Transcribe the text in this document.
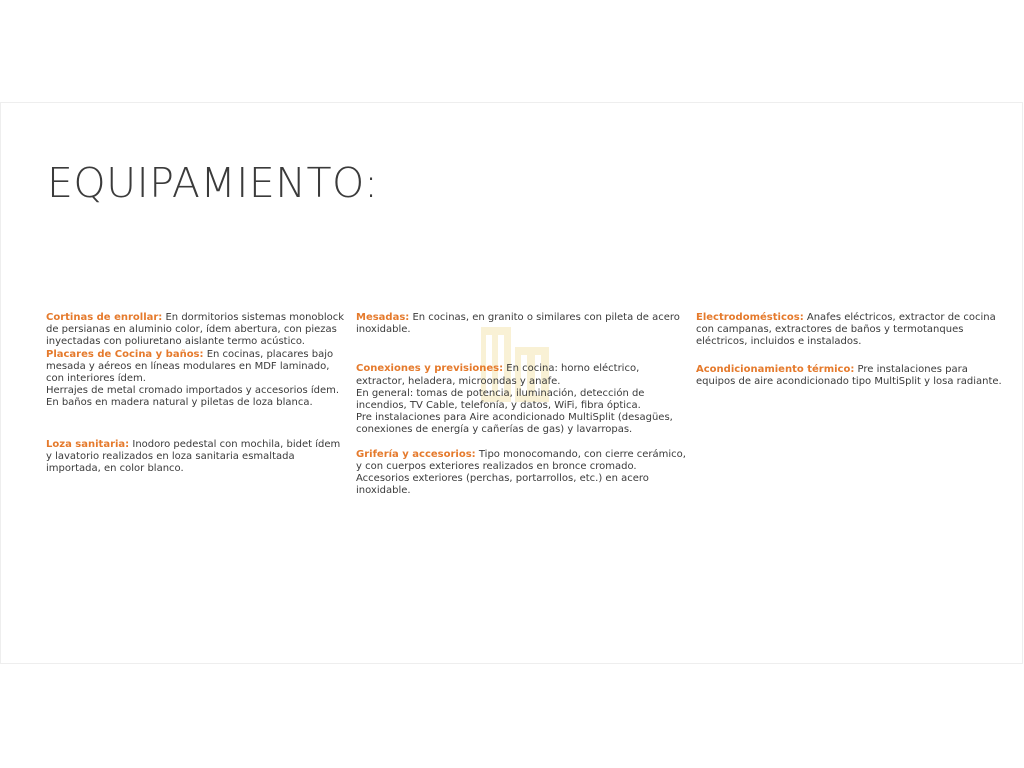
EQUIPAMIENTO:

Cortinas de enrollar: En dormitorios sistemas monoblock de persianas en aluminio color, ídem abertura, con piezas inyectadas con poliuretano aislante termo acústico.

Placares de Cocina y baños: En cocinas, placares bajo mesada y aéreos en líneas modulares en MDF laminado, con interiores ídem.
Herrajes de metal cromado importados y accesorios ídem.
En baños en madera natural y piletas de loza blanca.

Loza sanitaria: Inodoro pedestal con mochila, bidet ídem y lavatorio realizados en loza sanitaria esmaltada importada, en color blanco.

Mesadas: En cocinas, en granito o similares con pileta de acero inoxidable.

Conexiones y previsiones: En cocina: horno eléctrico, extractor, heladera, microondas y anafe.
En general: tomas de potencia, iluminación, detección de incendios, TV Cable, telefonía, y datos, WiFi, fibra óptica.
Pre instalaciones para Aire acondicionado MultiSplit (desagües, conexiones de energía y cañerías de gas) y lavarropas.

Grifería y accesorios: Tipo monocomando, con cierre cerámico, y con cuerpos exteriores realizados en bronce cromado.
Accesorios exteriores (perchas, portarrollos, etc.) en acero inoxidable.

Electrodomésticos: Anafes eléctricos, extractor de cocina con campanas, extractores de baños y termotanques eléctricos, incluidos e instalados.

Acondicionamiento térmico: Pre instalaciones para equipos de aire acondicionado tipo MultiSplit y losa radiante.
